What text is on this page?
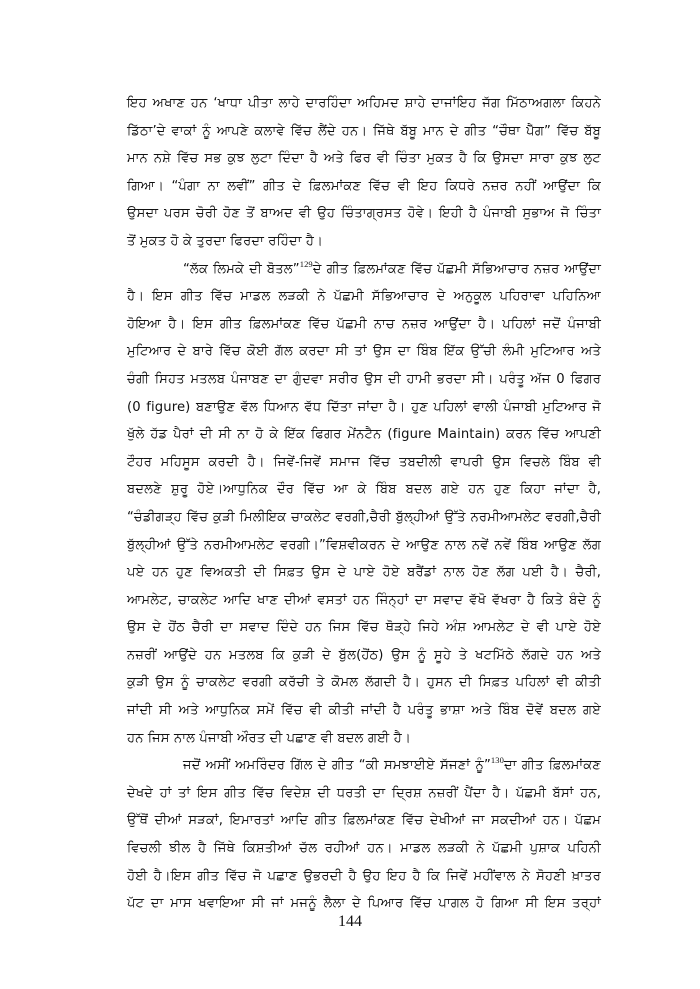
ਇਹ ਅਖਾਣ ਹਨ ‘ਖਾਧਾ ਪੀਤਾ ਲਾਹੇ ਦਾਰਹਿੰਦਾ ਅਹਿਮਦ ਸ਼ਾਹੇ ਦਾਜਾਂਇਹ ਜੱਗ ਮਿੱਠਾਅਗਲਾ ਕਿਹਨੇ
ਡਿੱਠਾ’ਦੇ ਵਾਕਾਂ ਨੂੰ ਆਪਣੇ ਕਲਾਵੇ ਵਿੱਚ ਲੈਂਦੇ ਹਨ। ਜਿੱਥੇ ਬੱਬੂ ਮਾਨ ਦੇ ਗੀਤ “ਚੌਥਾ ਪੈੱਗ” ਵਿੱਚ ਬੱਬੂ
ਮਾਨ ਨਸ਼ੇ ਵਿੱਚ ਸਭ ਕੁਝ ਲੁਟਾ ਦਿੰਦਾ ਹੈ ਅਤੇ ਫਿਰ ਵੀ ਚਿੰਤਾ ਮੁਕਤ ਹੈ ਕਿ ਉਸਦਾ ਸਾਰਾ ਕੁਝ ਲੁਟ
ਗਿਆ। “ਪੰਗਾ ਨਾ ਲਵੀਂ” ਗੀਤ ਦੇ ਫ਼ਿਲਮਾਂਕਣ ਵਿੱਚ ਵੀ ਇਹ ਕਿਧਰੇ ਨਜ਼ਰ ਨਹੀਂ ਆਉਂਦਾ ਕਿ
ਉਸਦਾ ਪਰਸ ਚੋਰੀ ਹੋਣ ਤੋਂ ਬਾਅਦ ਵੀ ਉਹ ਚਿੰਤਾਗ੍ਰਸਤ ਹੋਵੇ। ਇਹੀ ਹੈ ਪੰਜਾਬੀ ਸੁਭਾਅ ਜੋ ਚਿੰਤਾ
ਤੋਂ ਮੁਕਤ ਹੋ ਕੇ ਤੁਰਦਾ ਫਿਰਦਾ ਰਹਿੰਦਾ ਹੈ।
“ਲੱਕ ਲਿਮਕੇ ਦੀ ਬੋਤਲ”$^{129}$ਦੇ ਗੀਤ ਫ਼ਿਲਮਾਂਕਣ ਵਿੱਚ ਪੱਛਮੀ ਸੱਭਿਆਚਾਰ ਨਜ਼ਰ ਆਉਂਦਾ
ਹੈ। ਇਸ ਗੀਤ ਵਿੱਚ ਮਾਡਲ ਲੜਕੀ ਨੇ ਪੱਛਮੀ ਸੱਭਿਆਚਾਰ ਦੇ ਅਨੁਕੂਲ ਪਹਿਰਾਵਾ ਪਹਿਨਿਆ
ਹੋਇਆ ਹੈ। ਇਸ ਗੀਤ ਫ਼ਿਲਮਾਂਕਣ ਵਿੱਚ ਪੱਛਮੀ ਨਾਚ ਨਜ਼ਰ ਆਉਂਦਾ ਹੈ। ਪਹਿਲਾਂ ਜਦੋਂ ਪੰਜਾਬੀ
ਮੁਟਿਆਰ ਦੇ ਬਾਰੇ ਵਿੱਚ ਕੋਈ ਗੱਲ ਕਰਦਾ ਸੀ ਤਾਂ ਉਸ ਦਾ ਬਿੰਬ ਇੱਕ ਉੱਚੀ ਲੰਮੀ ਮੁਟਿਆਰ ਅਤੇ
ਚੰਗੀ ਸਿਹਤ ਮਤਲਬ ਪੰਜਾਬਣ ਦਾ ਗੁੰਦਵਾ ਸਰੀਰ ਉਸ ਦੀ ਹਾਮੀ ਭਰਦਾ ਸੀ। ਪਰੰਤੂ ਅੱਜ 0 ਫਿਗਰ
(0 figure) ਬਣਾਉਣ ਵੱਲ ਧਿਆਨ ਵੱਧ ਦਿੱਤਾ ਜਾਂਦਾ ਹੈ। ਹੁਣ ਪਹਿਲਾਂ ਵਾਲੀ ਪੰਜਾਬੀ ਮੁਟਿਆਰ ਜੋ
ਖੁੱਲੇ ਹੱਡ ਪੈਰਾਂ ਦੀ ਸੀ ਨਾ ਹੋ ਕੇ ਇੱਕ ਫਿਗਰ ਮੇਂਨਟੈਨ (figure Maintain) ਕਰਨ ਵਿੱਚ ਆਪਣੀ
ਟੌਹਰ ਮਹਿਸੂਸ ਕਰਦੀ ਹੈ। ਜਿਵੇਂ-ਜਿਵੇਂ ਸਮਾਜ ਵਿੱਚ ਤਬਦੀਲੀ ਵਾਪਰੀ ਉਸ ਵਿਚਲੇ ਬਿੰਬ ਵੀ
ਬਦਲਣੇ ਸ਼ੁਰੂ ਹੋਏ।ਆਧੁਨਿਕ ਦੌਰ ਵਿੱਚ ਆ ਕੇ ਬਿੰਬ ਬਦਲ ਗਏ ਹਨ ਹੁਣ ਕਿਹਾ ਜਾਂਦਾ ਹੈ,
“ਚੰਡੀਗੜ੍ਹ ਵਿੱਚ ਕੁੜੀ ਮਿਲੀਇਕ ਚਾਕਲੇਟ ਵਰਗੀ,ਚੈਰੀ ਬੁੱਲ੍ਹੀਆਂ ਉੱਤੇ ਨਰਮੀਆਮਲੇਟ ਵਰਗੀ,ਚੈਰੀ
ਬੁੱਲ੍ਹੀਆਂ ਉੱਤੇ ਨਰਮੀਆਮਲੇਟ ਵਰਗੀ।”ਵਿਸ਼ਵੀਕਰਨ ਦੇ ਆਉਣ ਨਾਲ ਨਵੇਂ ਨਵੇਂ ਬਿੰਬ ਆਉਣ ਲੱਗ
ਪਏ ਹਨ ਹੁਣ ਵਿਅਕਤੀ ਦੀ ਸਿਫ਼ਤ ਉਸ ਦੇ ਪਾਏ ਹੋਏ ਬਰੈਂਡਾਂ ਨਾਲ ਹੋਣ ਲੱਗ ਪਈ ਹੈ। ਚੈਰੀ,
ਆਮਲੇਟ, ਚਾਕਲੇਟ ਆਦਿ ਖਾਣ ਦੀਆਂ ਵਸਤਾਂ ਹਨ ਜਿੰਨ੍ਹਾਂ ਦਾ ਸਵਾਦ ਵੱਖੋ ਵੱਖਰਾ ਹੈ ਕਿਤੇ ਬੰਦੇ ਨੂੰ
ਉਸ ਦੇ ਹੋਂਠ ਚੈਰੀ ਦਾ ਸਵਾਦ ਦਿੰਦੇ ਹਨ ਜਿਸ ਵਿੱਚ ਥੋੜ੍ਹੇ ਜਿਹੇ ਅੰਸ਼ ਆਮਲੇਟ ਦੇ ਵੀ ਪਾਏ ਹੋਏ
ਨਜ਼ਰੀਂ ਆਉਂਦੇ ਹਨ ਮਤਲਬ ਕਿ ਕੁੜੀ ਦੇ ਬੁੱਲ(ਹੋਂਠ) ਉਸ ਨੂੰ ਸੂਹੇ ਤੇ ਖਟਮਿੱਠੇ ਲੱਗਦੇ ਹਨ ਅਤੇ
ਕੁੜੀ ਉਸ ਨੂੰ ਚਾਕਲੇਟ ਵਰਗੀ ਕਰੱਚੀ ਤੇ ਕੋਮਲ ਲੱਗਦੀ ਹੈ। ਹੁਸਨ ਦੀ ਸਿਫ਼ਤ ਪਹਿਲਾਂ ਵੀ ਕੀਤੀ
ਜਾਂਦੀ ਸੀ ਅਤੇ ਆਧੁਨਿਕ ਸਮੇਂ ਵਿੱਚ ਵੀ ਕੀਤੀ ਜਾਂਦੀ ਹੈ ਪਰੰਤੂ ਭਾਸ਼ਾ ਅਤੇ ਬਿੰਬ ਦੋਵੇਂ ਬਦਲ ਗਏ
ਹਨ ਜਿਸ ਨਾਲ ਪੰਜਾਬੀ ਔਰਤ ਦੀ ਪਛਾਣ ਵੀ ਬਦਲ ਗਈ ਹੈ।
ਜਦੋਂ ਅਸੀਂ ਅਮਰਿੰਦਰ ਗਿੱਲ ਦੇ ਗੀਤ “ਕੀ ਸਮਝਾਈਏ ਸੱਜਣਾਂ ਨੂੰ”$^{130}$ਦਾ ਗੀਤ ਫ਼ਿਲਮਾਂਕਣ
ਦੇਖਦੇ ਹਾਂ ਤਾਂ ਇਸ ਗੀਤ ਵਿੱਚ ਵਿਦੇਸ਼ ਦੀ ਧਰਤੀ ਦਾ ਦ੍ਰਿਸ਼ ਨਜ਼ਰੀਂ ਪੈਂਦਾ ਹੈ। ਪੱਛਮੀ ਬੱਸਾਂ ਹਨ,
ਉੱਥੋਂ ਦੀਆਂ ਸੜਕਾਂ, ਇਮਾਰਤਾਂ ਆਦਿ ਗੀਤ ਫ਼ਿਲਮਾਂਕਣ ਵਿੱਚ ਦੇਖੀਆਂ ਜਾ ਸਕਦੀਆਂ ਹਨ। ਪੱਛਮ
ਵਿਚਲੀ ਝੀਲ ਹੈ ਜਿੱਥੇ ਕਿਸ਼ਤੀਆਂ ਚੱਲ ਰਹੀਆਂ ਹਨ। ਮਾਡਲ ਲੜਕੀ ਨੇ ਪੱਛਮੀ ਪੁਸ਼ਾਕ ਪਹਿਨੀ
ਹੋਈ ਹੈ।ਇਸ ਗੀਤ ਵਿੱਚ ਜੋ ਪਛਾਣ ਉਭਰਦੀ ਹੈ ਉਹ ਇਹ ਹੈ ਕਿ ਜਿਵੇਂ ਮਹੀਂਵਾਲ ਨੇ ਸੋਹਣੀ ਖ਼ਾਤਰ
ਪੱਟ ਦਾ ਮਾਸ ਖਵਾਇਆ ਸੀ ਜਾਂ ਮਜਨੂੰ ਲੈਲਾ ਦੇ ਪਿਆਰ ਵਿੱਚ ਪਾਗਲ ਹੋ ਗਿਆ ਸੀ ਇਸ ਤਰ੍ਹਾਂ
144
